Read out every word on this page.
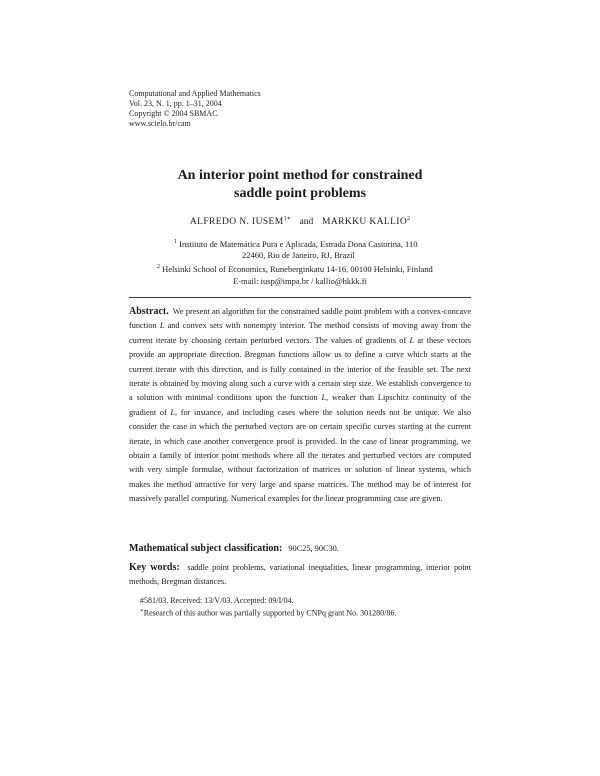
Computational and Applied Mathematics
Vol. 23, N. 1, pp. 1–31, 2004
Copyright © 2004 SBMAC
www.scielo.br/cam
An interior point method for constrained
saddle point problems
ALFREDO N. $IUSEM^{1∗}$ and MARKKU KALLIO$^2$
$^1$ Instituto de Matemática Pura e Aplicada, Estrada Dona Castorina, 110
22460, Rio de Janeiro, RJ, Brazil
$^2$ Helsinki School of Economics, Runeberginkatu 14-16, 00100 Helsinki, Finland
E-mail: iusp@impa.br / kallio@hkkk.fi
Abstract. We present an algorithm for the constrained saddle point problem with a convex-concave function L and convex sets with nonempty interior. The method consists of moving away from the current iterate by choosing certain perturbed vectors. The values of gradients of L at these vectors provide an appropriate direction. Bregman functions allow us to define a curve which starts at the current iterate with this direction, and is fully contained in the interior of the feasible set. The next iterate is obtained by moving along such a curve with a certain step size. We establish convergence to a solution with minimal conditions upon the function L, weaker than Lipschitz continuity of the gradient of L, for instance, and including cases where the solution needs not be unique. We also consider the case in which the perturbed vectors are on certain specific curves starting at the current iterate, in which case another convergence proof is provided. In the case of linear programming, we obtain a family of interior point methods where all the iterates and perturbed vectors are computed with very simple formulae, without factorization of matrices or solution of linear systems, which makes the method attractive for very large and sparse matrices. The method may be of interest for massively parallel computing. Numerical examples for the linear programming case are given.
Mathematical subject classification: 90C25, 90C30.
Key words: saddle point problems, variational inequalities, linear programming, interior point methods, Bregman distances.
#581/03. Received: 13/V/03. Accepted: 09/I/04.
∗Research of this author was partially supported by CNPq grant No. 301280/86.
